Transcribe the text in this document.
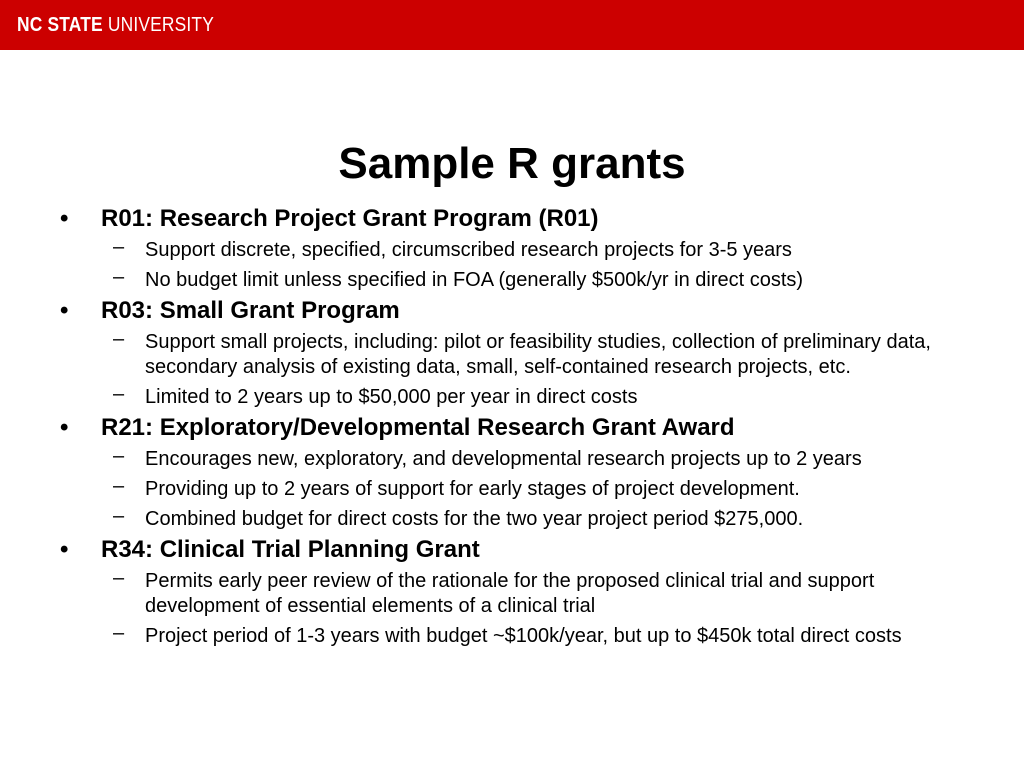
NC STATE UNIVERSITY
Sample R grants
• R01: Research Project Grant Program (R01)
– Support discrete, specified, circumscribed research projects for 3-5 years
– No budget limit unless specified in FOA (generally $500k/yr in direct costs)
• R03: Small Grant Program
– Support small projects, including: pilot or feasibility studies, collection of preliminary data, secondary analysis of existing data, small, self-contained research projects, etc.
– Limited to 2 years up to $50,000 per year in direct costs
• R21: Exploratory/Developmental Research Grant Award
– Encourages new, exploratory, and developmental research projects up to 2 years
– Providing up to 2 years of support for early stages of project development.
– Combined budget for direct costs for the two year project period $275,000.
• R34: Clinical Trial Planning Grant
– Permits early peer review of the rationale for the proposed clinical trial and support development of essential elements of a clinical trial
– Project period of 1-3 years with budget ~$100k/year, but up to $450k total direct costs
